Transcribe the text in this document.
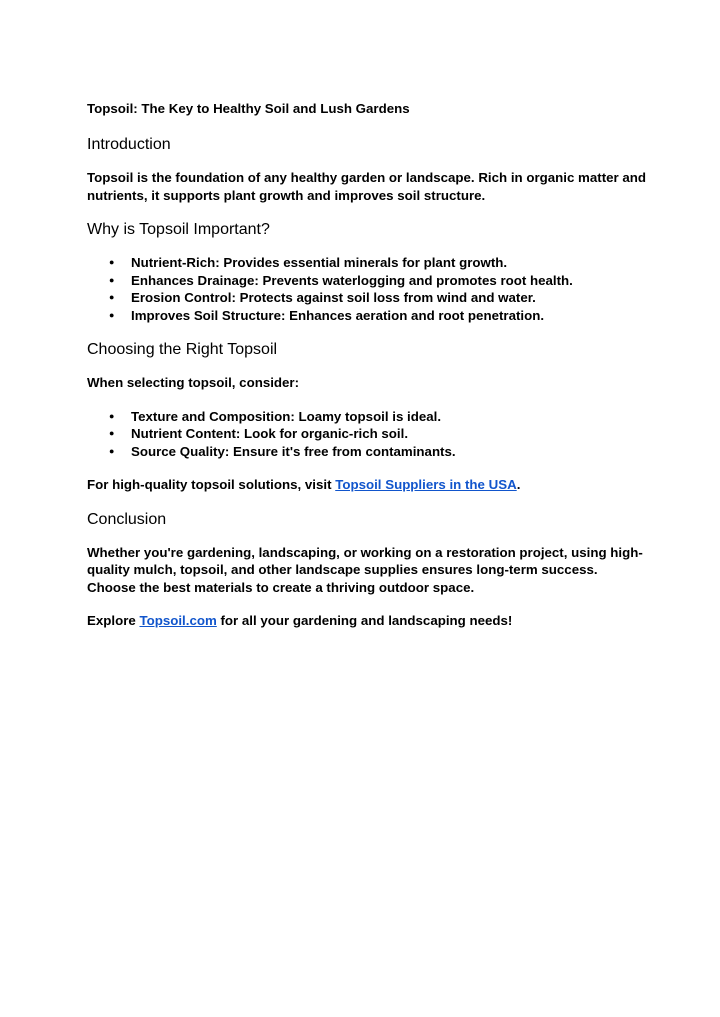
Topsoil: The Key to Healthy Soil and Lush Gardens
Introduction

Topsoil is the foundation of any healthy garden or landscape. Rich in organic matter and nutrients, it supports plant growth and improves soil structure.

Why is Topsoil Important?
● Nutrient-Rich: Provides essential minerals for plant growth.
● Enhances Drainage: Prevents waterlogging and promotes root health.
● Erosion Control: Protects against soil loss from wind and water.
● Improves Soil Structure: Enhances aeration and root penetration.
Choosing the Right Topsoil

When selecting topsoil, consider:

● Texture and Composition: Loamy topsoil is ideal.
● Nutrient Content: Look for organic-rich soil.
● Source Quality: Ensure it's free from contaminants.

For high-quality topsoil solutions, visit Topsoil Suppliers in the USA.

Conclusion

Whether you're gardening, landscaping, or working on a restoration project, using high-quality mulch, topsoil, and other landscape supplies ensures long-term success. Choose the best materials to create a thriving outdoor space.

Explore Topsoil.com for all your gardening and landscaping needs!
